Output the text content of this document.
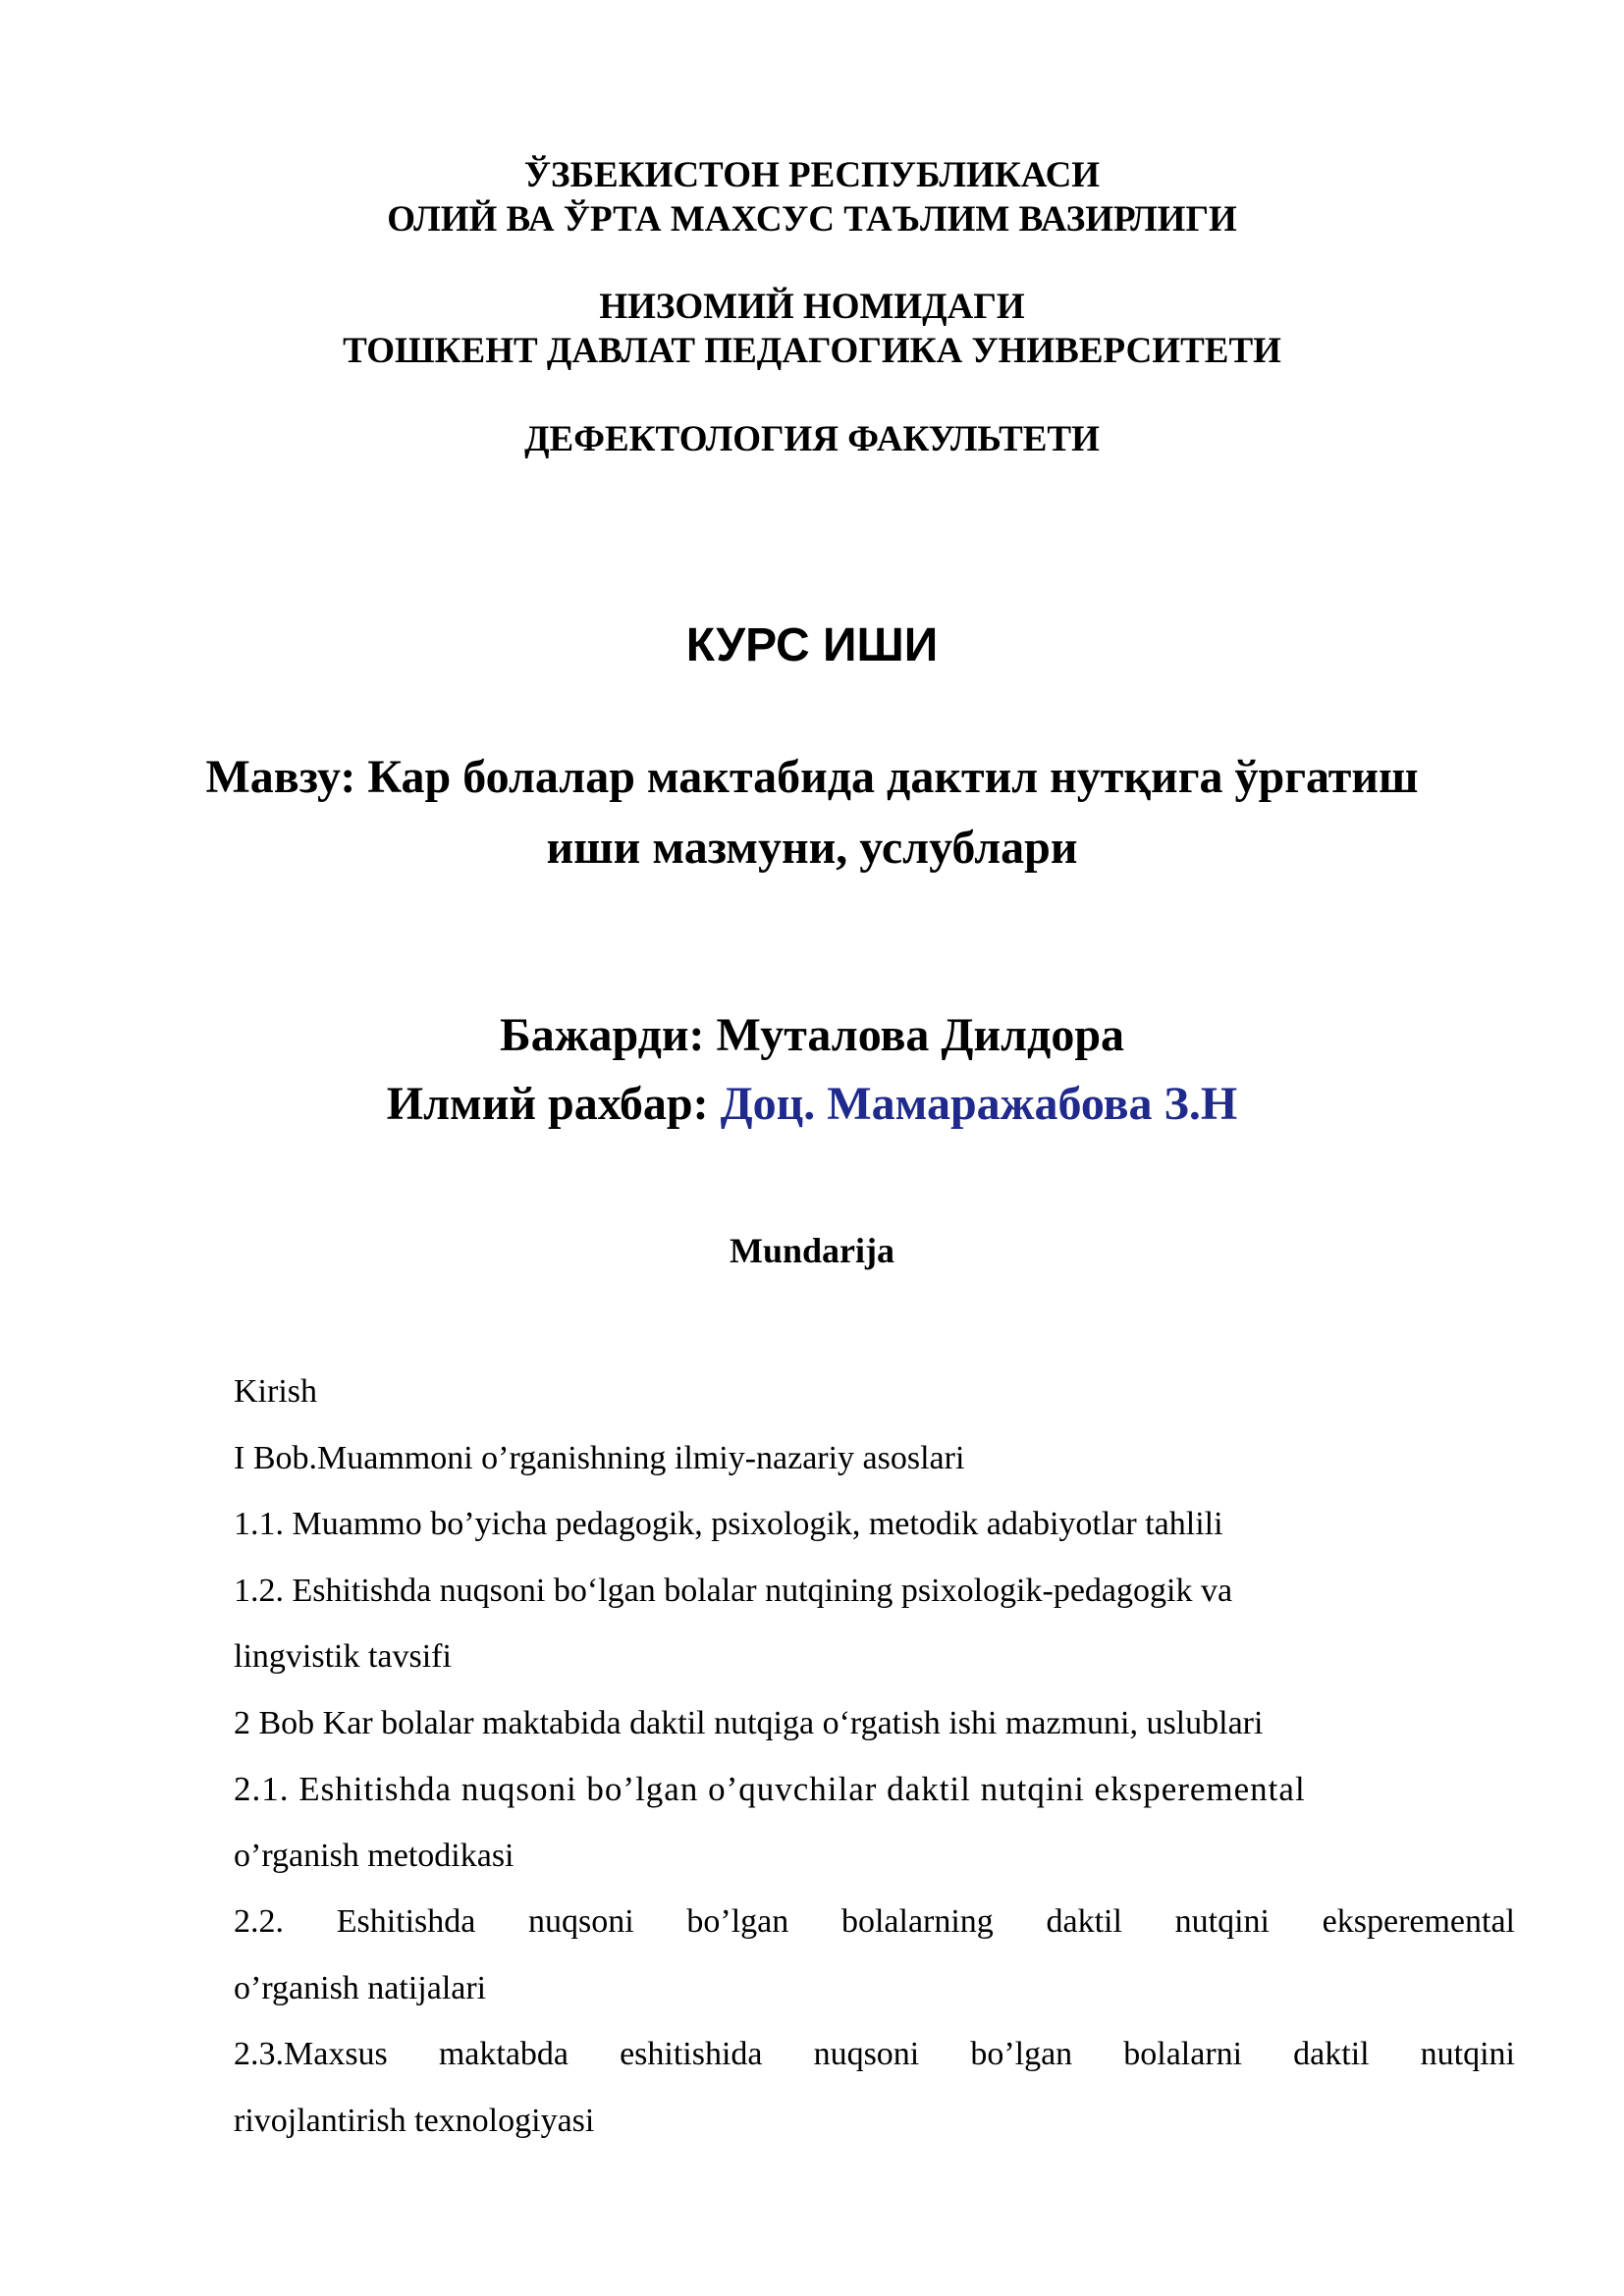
ЎЗБЕКИСТОН РЕСПУБЛИКАСИ
ОЛИЙ ВА ЎРТА МАХСУС ТАЪЛИМ ВАЗИРЛИГИ
НИЗОМИЙ НОМИДАГИ
ТОШКЕНТ ДАВЛАТ ПЕДАГОГИКА УНИВЕРСИТЕТИ
ДЕФЕКТОЛОГИЯ ФАКУЛЬТЕТИ
КУРС ИШИ
Мавзу: Кар болалар мактабида дактил нутқига ўргатиш
иши мазмуни, услублари
Бажарди: Муталова Дилдора
Илмий рахбар: Доц. Мамаражабова З.Н
Mundarija
Kirish
I Bob.Muammoni o’rganishning ilmiy-nazariy asoslari
1.1. Muammo bo’yicha pedagogik, psixologik, metodik adabiyotlar tahlili
1.2. Eshitishda nuqsoni bo‘lgan bolalar nutqining psixologik-pedagogik va
lingvistik tavsifi
2 Bob Kar bolalar maktabida daktil nutqiga o‘rgatish ishi mazmuni, uslublari
2.1. Eshitishda nuqsoni bo’lgan o’quvchilar daktil nutqini eksperemental
o’rganish metodikasi
2.2. Eshitishda nuqsoni bo’lgan bolalarning daktil nutqini eksperemental
o’rganish natijalari
2.3.Maxsus maktabda eshitishida nuqsoni bo’lgan bolalarni daktil nutqini
rivojlantirish texnologiyasi
